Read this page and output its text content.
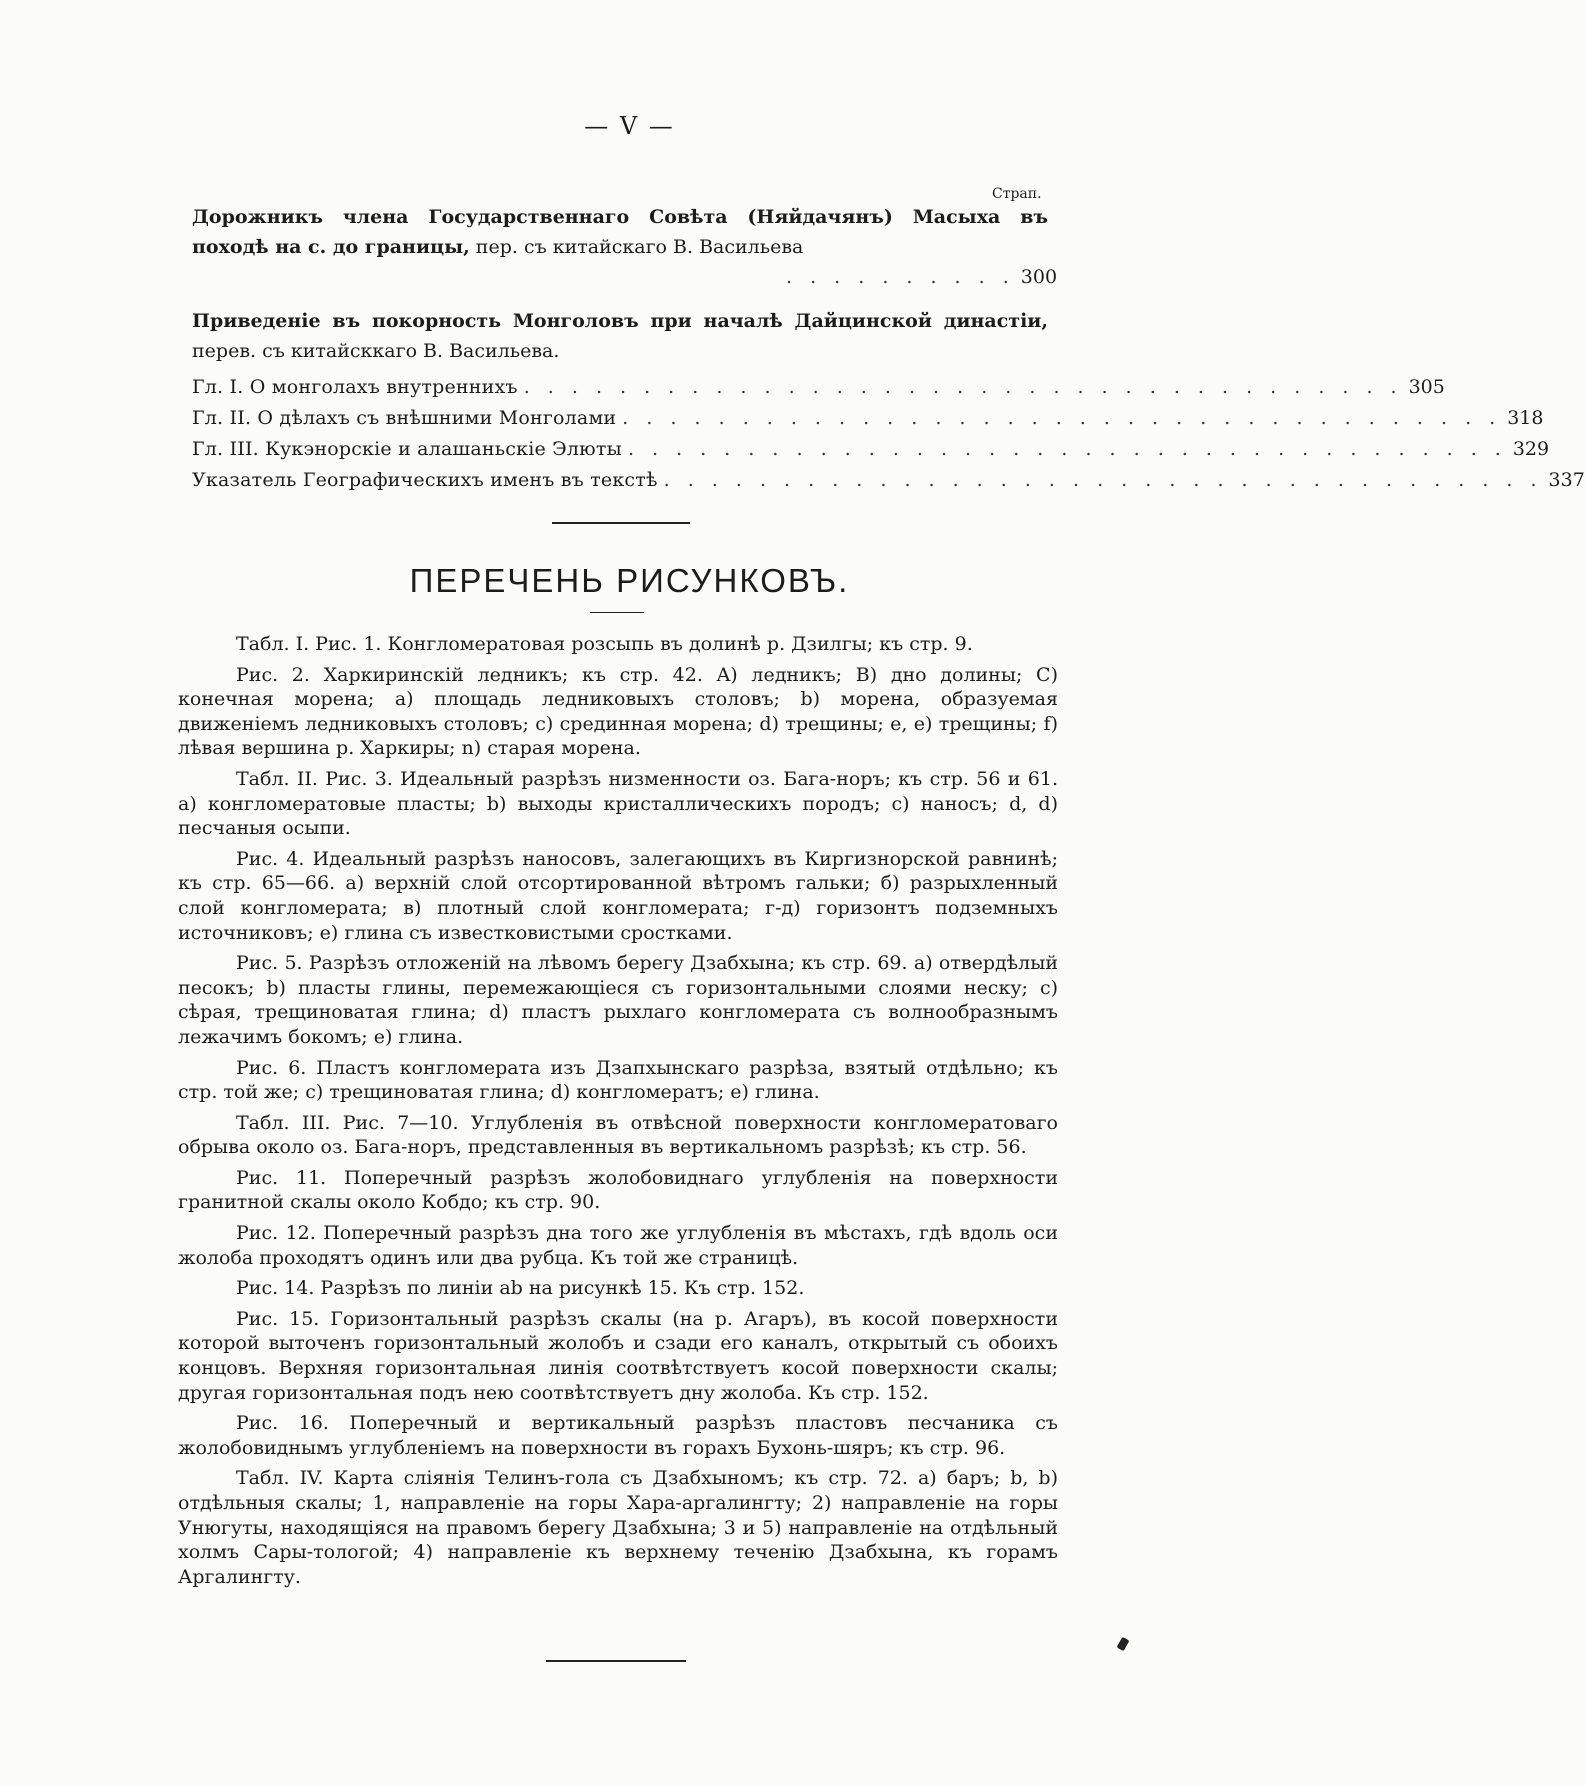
— V —
Страп.
Дорожникъ члена Государственнаго Совѣта (Няйдачянъ) Масыха въ походѣ на с. до границы, пер. съ китайскаго В. Васильева
. . . . . . . . . . 300
Приведеніе въ покорность Монголовъ при началѣ Дайцинской династіи, перев. съ китайсккаго В. Васильева.
Гл. I. О монголахъ внутреннихъ . . . . . . . . . . . . . . . . . . . . . . . . . . . . . . . . . . . . . 305
Гл. II. О дѣлахъ съ внѣшними Монголами . . . . . . . . . . . . . . . . . . . . . . . . . . . . . . . . . . . . . 318
Гл. III. Кукэнорскіе и алашаньскіе Элюты . . . . . . . . . . . . . . . . . . . . . . . . . . . . . . . . . . . . . 329
Указатель Географическихъ именъ въ текстѣ . . . . . . . . . . . . . . . . . . . . . . . . . . . . . . . . . . . . . 337
ПЕРЕЧЕНЬ РИСУНКОВЪ.

Табл. I. Рис. 1. Конгломератовая розсыпь въ долинѣ р. Дзилгы; къ стр. 9.

Рис. 2. Харкиринскій ледникъ; къ стр. 42. A) ледникъ; B) дно долины; C) конечная морена; a) площадь ледниковыхъ столовъ; b) морена, образуемая движеніемъ ледниковыхъ столовъ; c) срединная морена; d) трещины; e, e) трещины; f) лѣвая вершина р. Харкиры; n) старая морена.

Табл. II. Рис. 3. Идеальный разрѣзъ низменности оз. Бага-норъ; къ стр. 56 и 61. a) конгломератовые пласты; b) выходы кристаллическихъ породъ; c) наносъ; d, d) песчаныя осыпи.

Рис. 4. Идеальный разрѣзъ наносовъ, залегающихъ въ Киргизнорской равнинѣ; къ стр. 65—66. a) верхній слой отсортированной вѣтромъ гальки; б) разрыхленный слой конгломерата; в) плотный слой конгломерата; г-д) горизонтъ подземныхъ источниковъ; е) глина съ известковистыми сростками.

Рис. 5. Разрѣзъ отложеній на лѣвомъ берегу Дзабхына; къ стр. 69. a) отвердѣлый песокъ; b) пласты глины, перемежающіеся съ горизонтальными слоями неску; c) сѣрая, трещиноватая глина; d) пластъ рыхлаго конгломерата съ волнообразнымъ лежачимъ бокомъ; e) глина.

Рис. 6. Пластъ конгломерата изъ Дзапхынскаго разрѣза, взятый отдѣльно; къ стр. той же; c) трещиноватая глина; d) конгломератъ; e) глина.

Табл. III. Рис. 7—10. Углубленія въ отвѣсной поверхности конгломератоваго обрыва около оз. Бага-норъ, представленныя въ вертикальномъ разрѣзѣ; къ стр. 56.

Рис. 11. Поперечный разрѣзъ жолобовиднаго углубленія на поверхности гранитной скалы около Кобдо; къ стр. 90.

Рис. 12. Поперечный разрѣзъ дна того же углубленія въ мѣстахъ, гдѣ вдоль оси жолоба проходятъ одинъ или два рубца. Къ той же страницѣ.

Рис. 14. Разрѣзъ по линіи ab на рисункѣ 15. Къ стр. 152.

Рис. 15. Горизонтальный разрѣзъ скалы (на р. Агаръ), въ косой поверхности которой выточенъ горизонтальный жолобъ и сзади его каналъ, открытый съ обоихъ концовъ. Верхняя горизонтальная линія соотвѣтствуетъ косой поверхности скалы; другая горизонтальная подъ нею соотвѣтствуетъ дну жолоба. Къ стр. 152.

Рис. 16. Поперечный и вертикальный разрѣзъ пластовъ песчаника съ жолобовиднымъ углубленіемъ на поверхности въ горахъ Бухонь-шяръ; къ стр. 96.

Табл. IV. Карта сліянія Телинъ-гола съ Дзабхыномъ; къ стр. 72. a) баръ; b, b) отдѣльныя скалы; 1, направленіе на горы Хара-аргалингту; 2) направленіе на горы Унюгуты, находящіяся на правомъ берегу Дзабхына; 3 и 5) направленіе на отдѣльный холмъ Сары-тологой; 4) направленіе къ верхнему теченію Дзабхына, къ горамъ Аргалингту.
